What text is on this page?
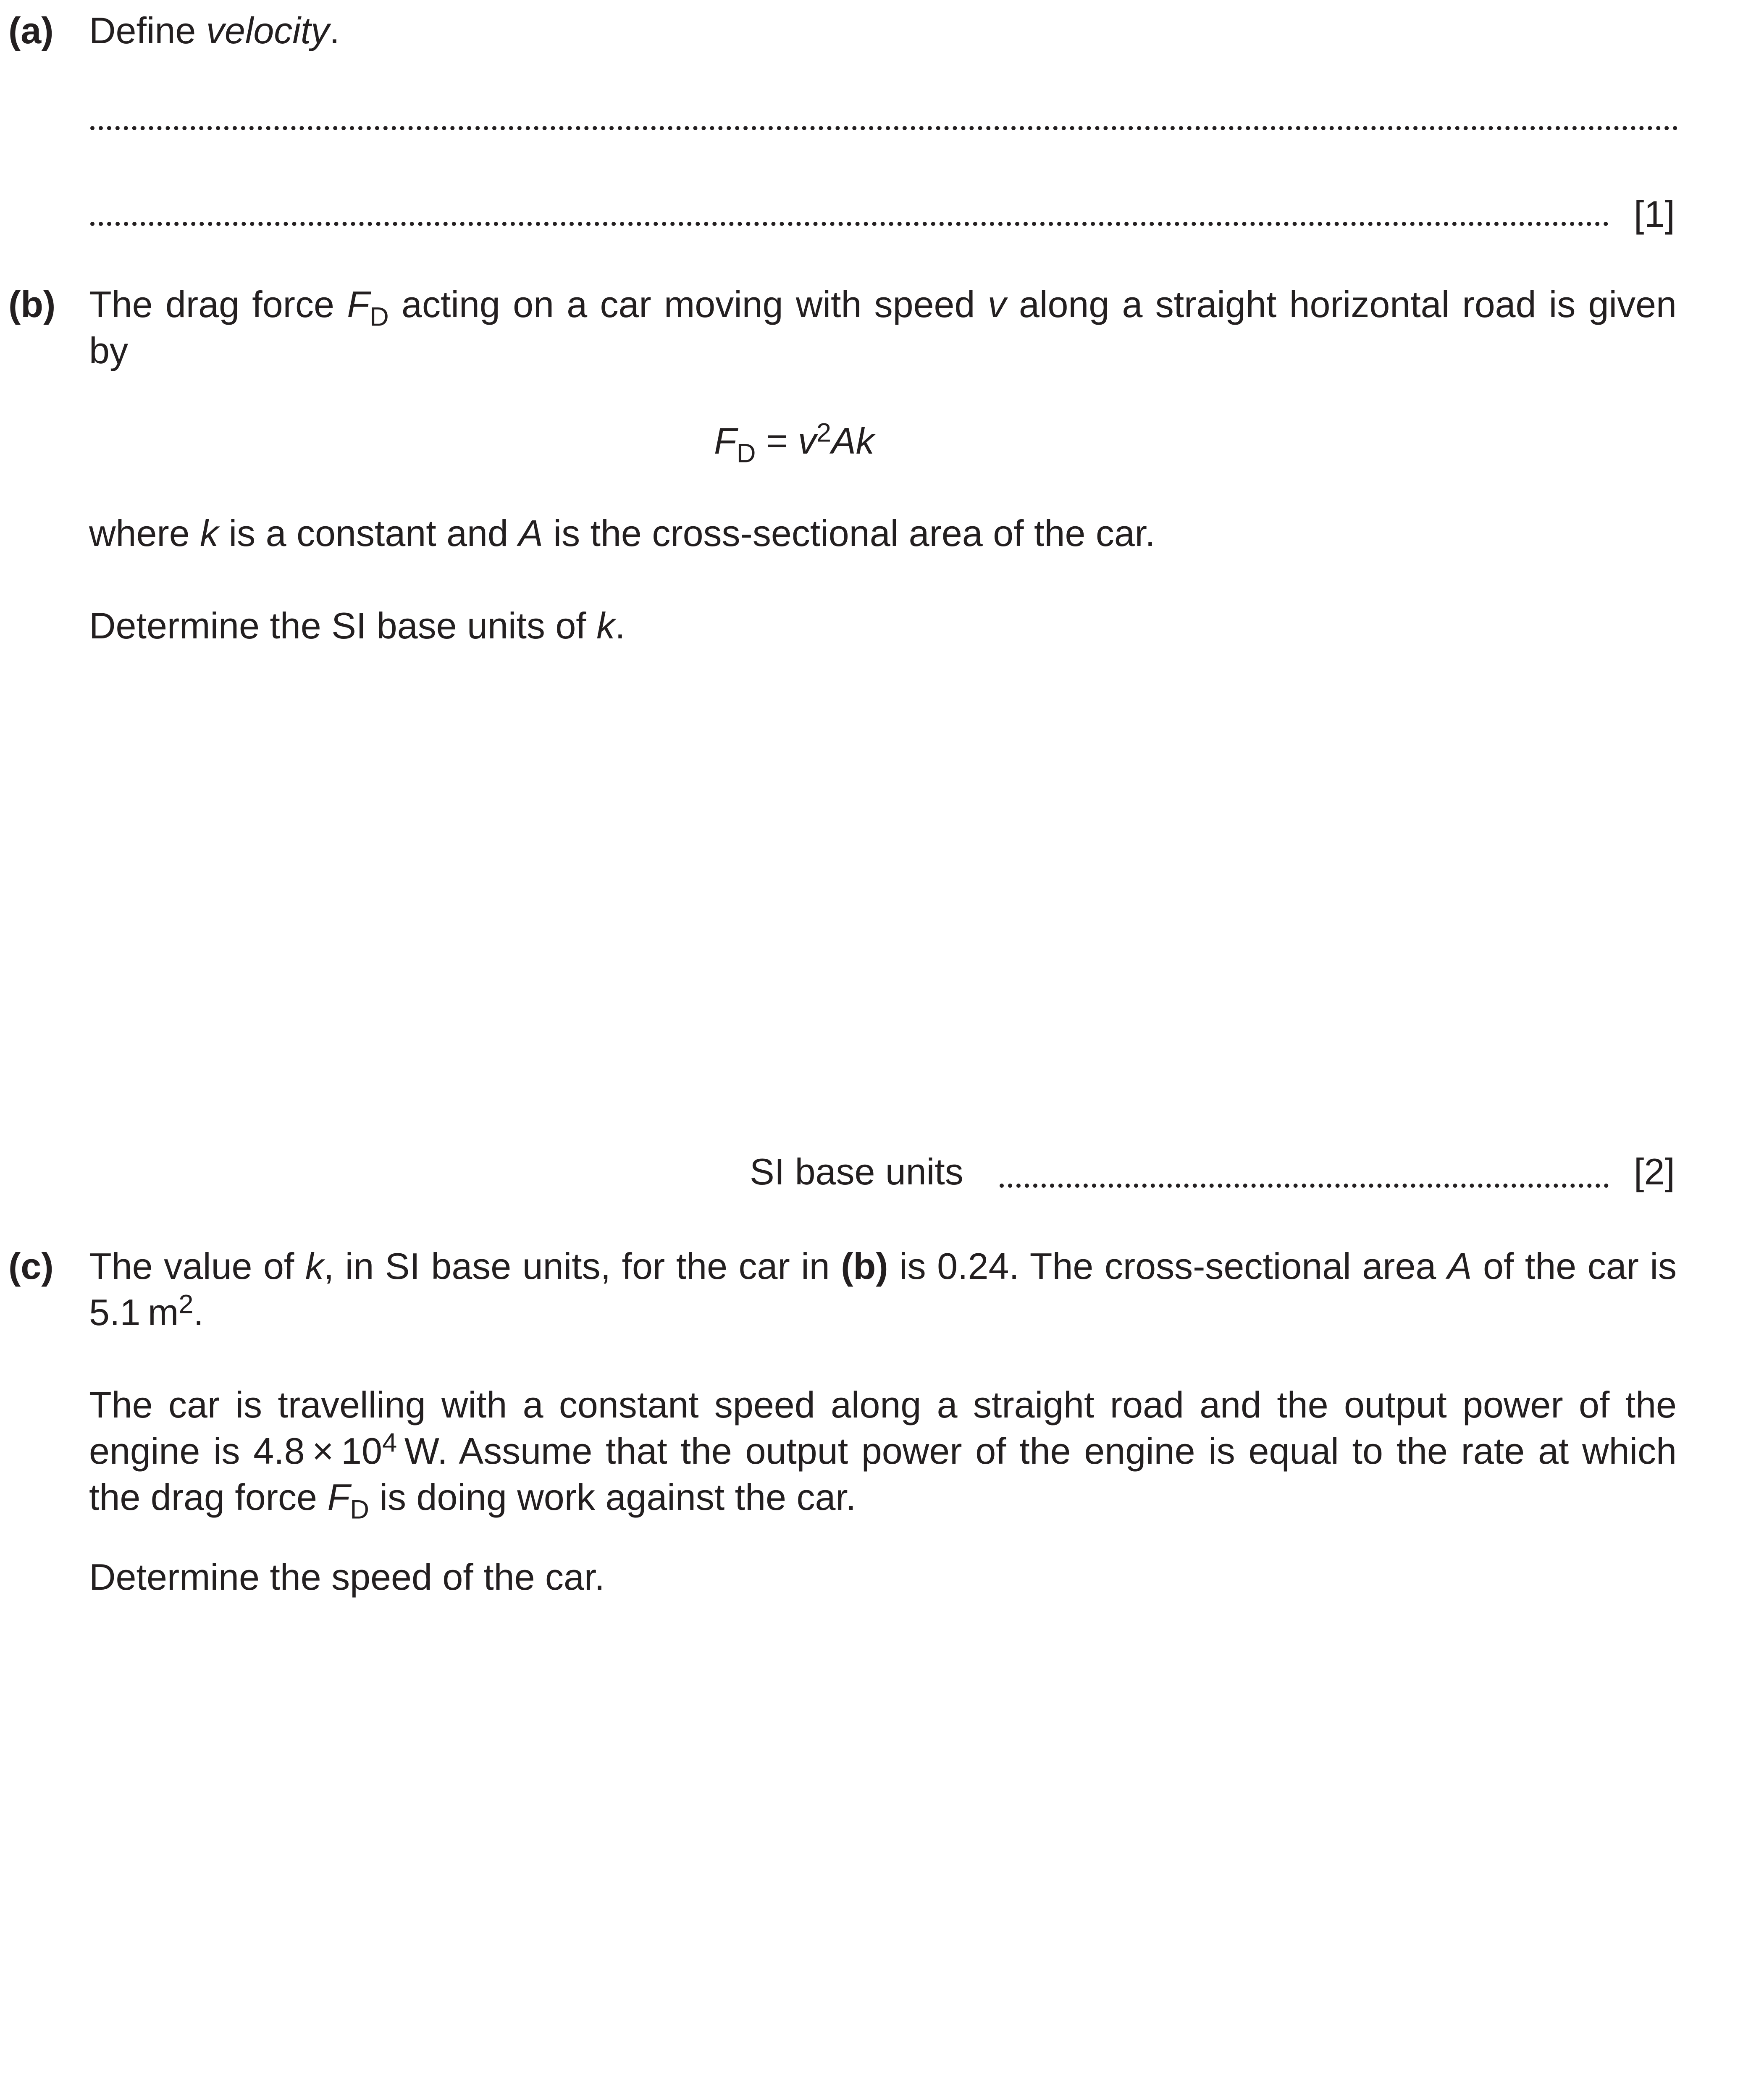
(a) Define velocity.
[1]
(b) The drag force $F_D$ acting on a car moving with speed v along a straight horizontal road is given by
$F_D = v^2Ak$
where k is a constant and A is the cross-sectional area of the car.
Determine the SI base units of k.
SI base units	[2]
(c) The value of k, in SI base units, for the car in (b) is 0.24. The cross-sectional area A of the car is 5.1 $m^2$.
The car is travelling with a constant speed along a straight road and the output power of the engine is $4.8 \times 10^4$ W. Assume that the output power of the engine is equal to the rate at which the drag force $F_D$ is doing work against the car.
Determine the speed of the car.
